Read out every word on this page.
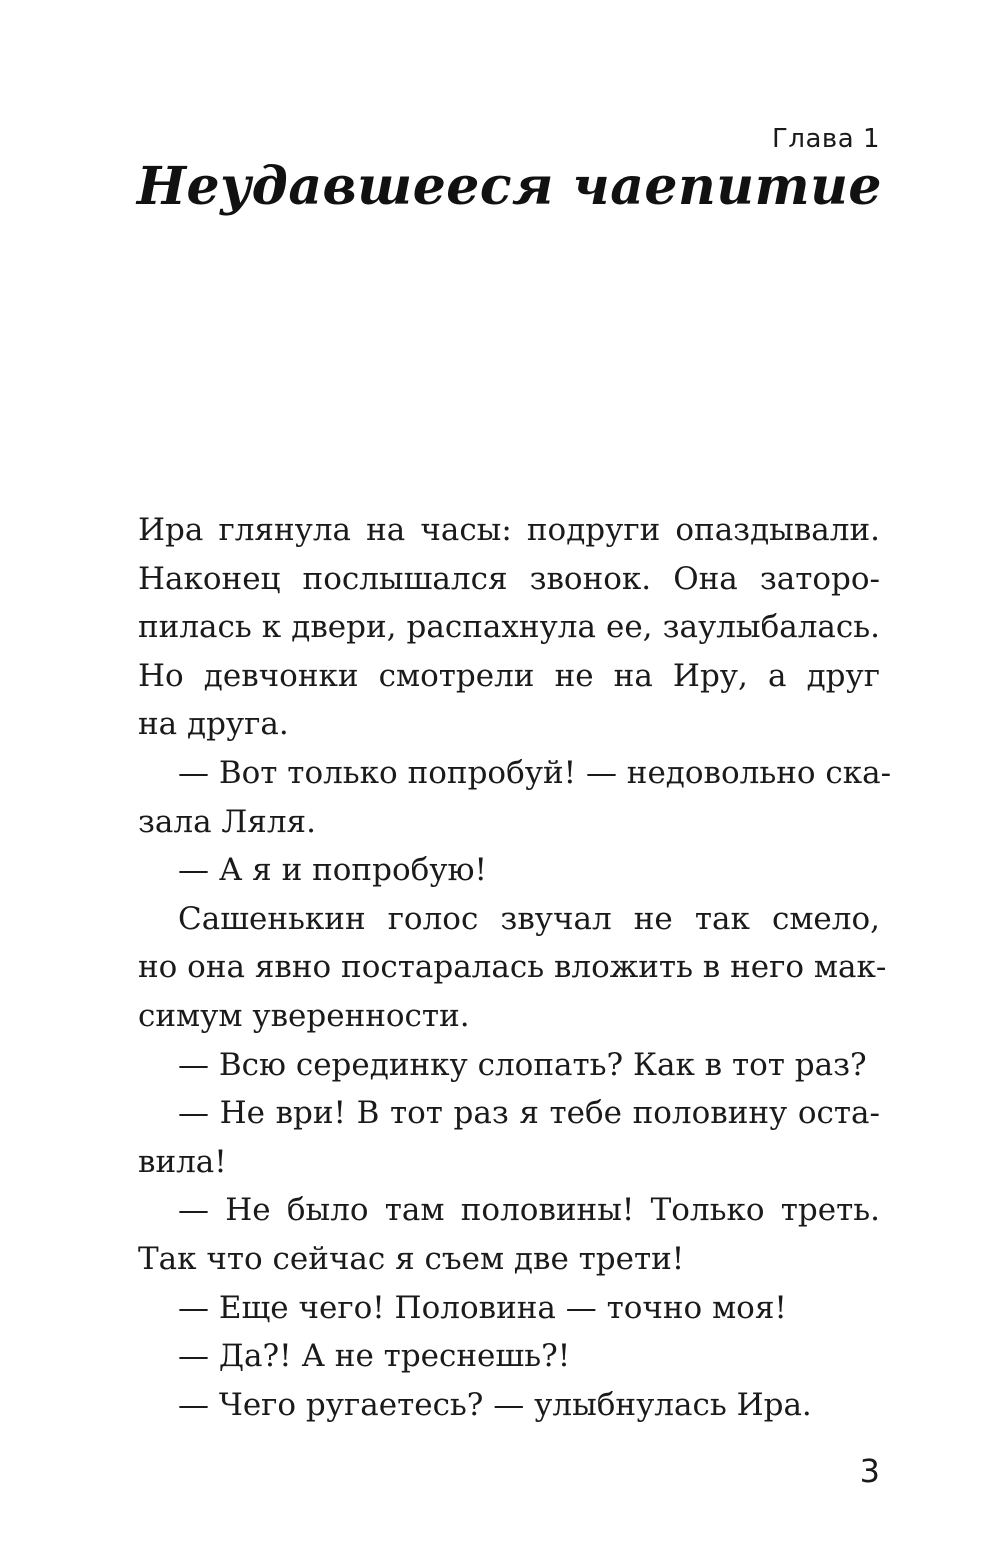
Глава 1
Неудавшееся чаепитие
Ира глянула на часы: подруги опаздывали.
Наконец послышался звонок. Она заторо-
пилась к двери, распахнула ее, заулыбалась.
Но девчонки смотрели не на Иру, а друг
на друга.
— Вот только попробуй! — недовольно ска-
зала Ляля.
— А я и попробую!
Сашенькин голос звучал не так смело,
но она явно постаралась вложить в него мак-
симум уверенности.
— Всю серединку слопать? Как в тот раз?
— Не ври! В тот раз я тебе половину оста-
вила!
— Не было там половины! Только треть.
Так что сейчас я съем две трети!
— Еще чего! Половина — точно моя!
— Да?! А не треснешь?!
— Чего ругаетесь? — улыбнулась Ира.
3
